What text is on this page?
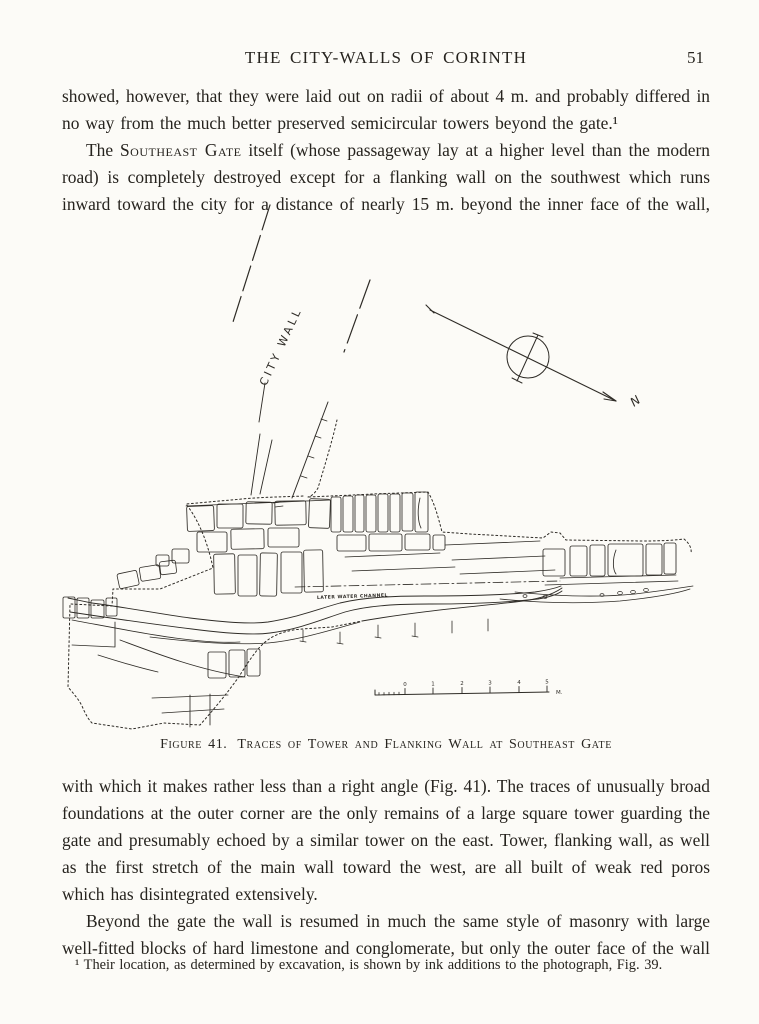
THE CITY-WALLS OF CORINTH	51

showed, however, that they were laid out on radii of about 4 m. and probably differed in no way from the much better preserved semicircular towers beyond the gate.¹

The Southeast Gate itself (whose passageway lay at a higher level than the modern road) is completely destroyed except for a flanking wall on the southwest which runs inward toward the city for a distance of nearly 15 m. beyond the inner face of the wall,

CITY WALL
N
LATER WATER CHANNEL
0	1	2	3	4	5
M.
Figure 41. Traces of Tower and Flanking Wall at Southeast Gate

with which it makes rather less than a right angle (Fig. 41). The traces of unusually broad foundations at the outer corner are the only remains of a large square tower guarding the gate and presumably echoed by a similar tower on the east. Tower, flanking wall, as well as the first stretch of the main wall toward the west, are all built of weak red poros which has disintegrated extensively.

Beyond the gate the wall is resumed in much the same style of masonry with large well-fitted blocks of hard limestone and conglomerate, but only the outer face of the wall

¹ Their location, as determined by excavation, is shown by ink additions to the photograph, Fig. 39.
